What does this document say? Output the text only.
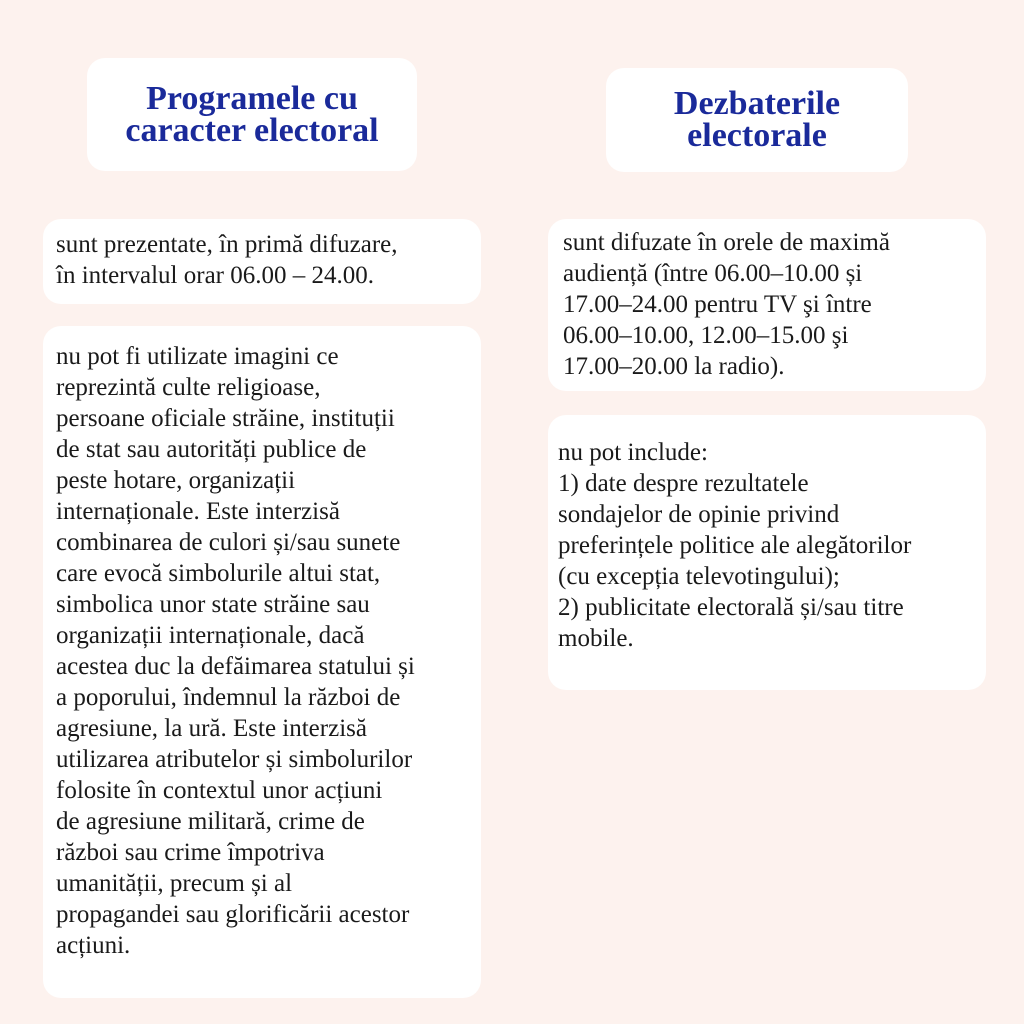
Programele cu
caracter electoral
sunt prezentate, în primă difuzare,
în intervalul orar 06.00 – 24.00.
nu pot fi utilizate imagini ce
reprezintă culte religioase,
persoane oficiale străine, instituții
de stat sau autorități publice de
peste hotare, organizații
internaționale. Este interzisă
combinarea de culori și/sau sunete
care evocă simbolurile altui stat,
simbolica unor state străine sau
organizații internaționale, dacă
acestea duc la defăimarea statului și
a poporului, îndemnul la război de
agresiune, la ură. Este interzisă
utilizarea atributelor și simbolurilor
folosite în contextul unor acțiuni
de agresiune militară, crime de
război sau crime împotriva
umanității, precum și al
propagandei sau glorificării acestor
acțiuni.
Dezbaterile
electorale
sunt difuzate în orele de maximă
audiență (între 06.00–10.00 și
17.00–24.00 pentru TV şi între
06.00–10.00, 12.00–15.00 şi
17.00–20.00 la radio).
nu pot include:
1) date despre rezultatele
sondajelor de opinie privind
preferințele politice ale alegătorilor
(cu excepția televotingului);
2) publicitate electorală și/sau titre
mobile.
